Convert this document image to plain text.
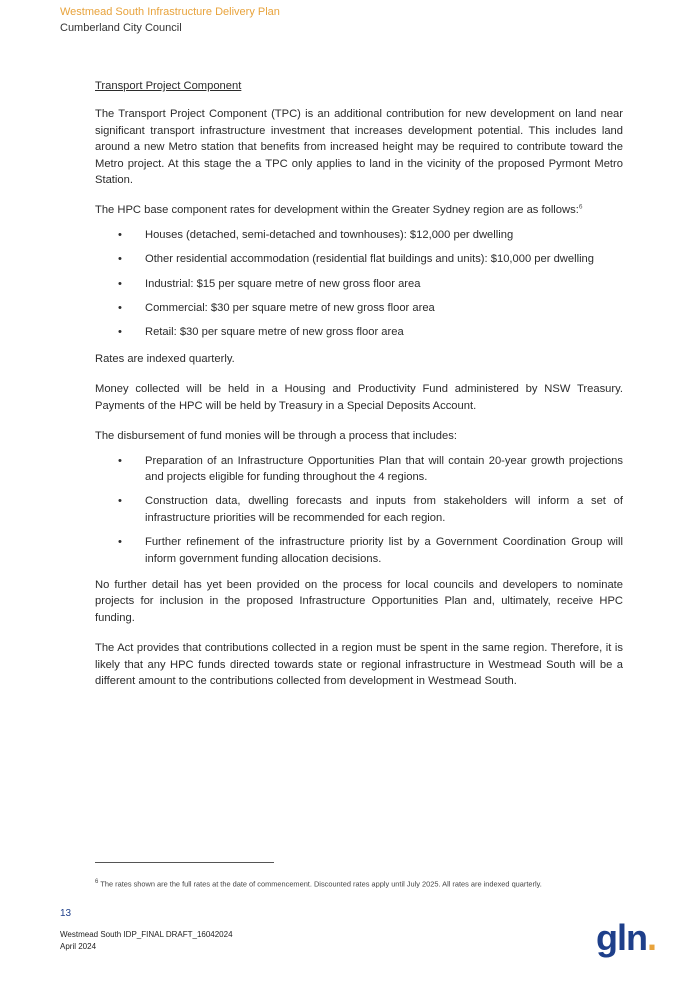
Westmead South Infrastructure Delivery Plan
Cumberland City Council
Transport Project Component

The Transport Project Component (TPC) is an additional contribution for new development on land near significant transport infrastructure investment that increases development potential. This includes land around a new Metro station that benefits from increased height may be required to contribute toward the Metro project. At this stage the a TPC only applies to land in the vicinity of the proposed Pyrmont Metro Station.

The HPC base component rates for development within the Greater Sydney region are as follows:$^6$

• Houses (detached, semi-detached and townhouses): $12,000 per dwelling
• Other residential accommodation (residential flat buildings and units): $10,000 per dwelling
• Industrial: $15 per square metre of new gross floor area
• Commercial: $30 per square metre of new gross floor area
• Retail: $30 per square metre of new gross floor area

Rates are indexed quarterly.

Money collected will be held in a Housing and Productivity Fund administered by NSW Treasury. Payments of the HPC will be held by Treasury in a Special Deposits Account.

The disbursement of fund monies will be through a process that includes:

• Preparation of an Infrastructure Opportunities Plan that will contain 20-year growth projections and projects eligible for funding throughout the 4 regions.
• Construction data, dwelling forecasts and inputs from stakeholders will inform a set of infrastructure priorities will be recommended for each region.
• Further refinement of the infrastructure priority list by a Government Coordination Group will inform government funding allocation decisions.

No further detail has yet been provided on the process for local councils and developers to nominate projects for inclusion in the proposed Infrastructure Opportunities Plan and, ultimately, receive HPC funding.

The Act provides that contributions collected in a region must be spent in the same region. Therefore, it is likely that any HPC funds directed towards state or regional infrastructure in Westmead South will be a different amount to the contributions collected from development in Westmead South.

$^6$ The rates shown are the full rates at the date of commencement. Discounted rates apply until July 2025. All rates are indexed quarterly.
13
Westmead South IDP_FINAL DRAFT_16042024
April 2024	gln.
